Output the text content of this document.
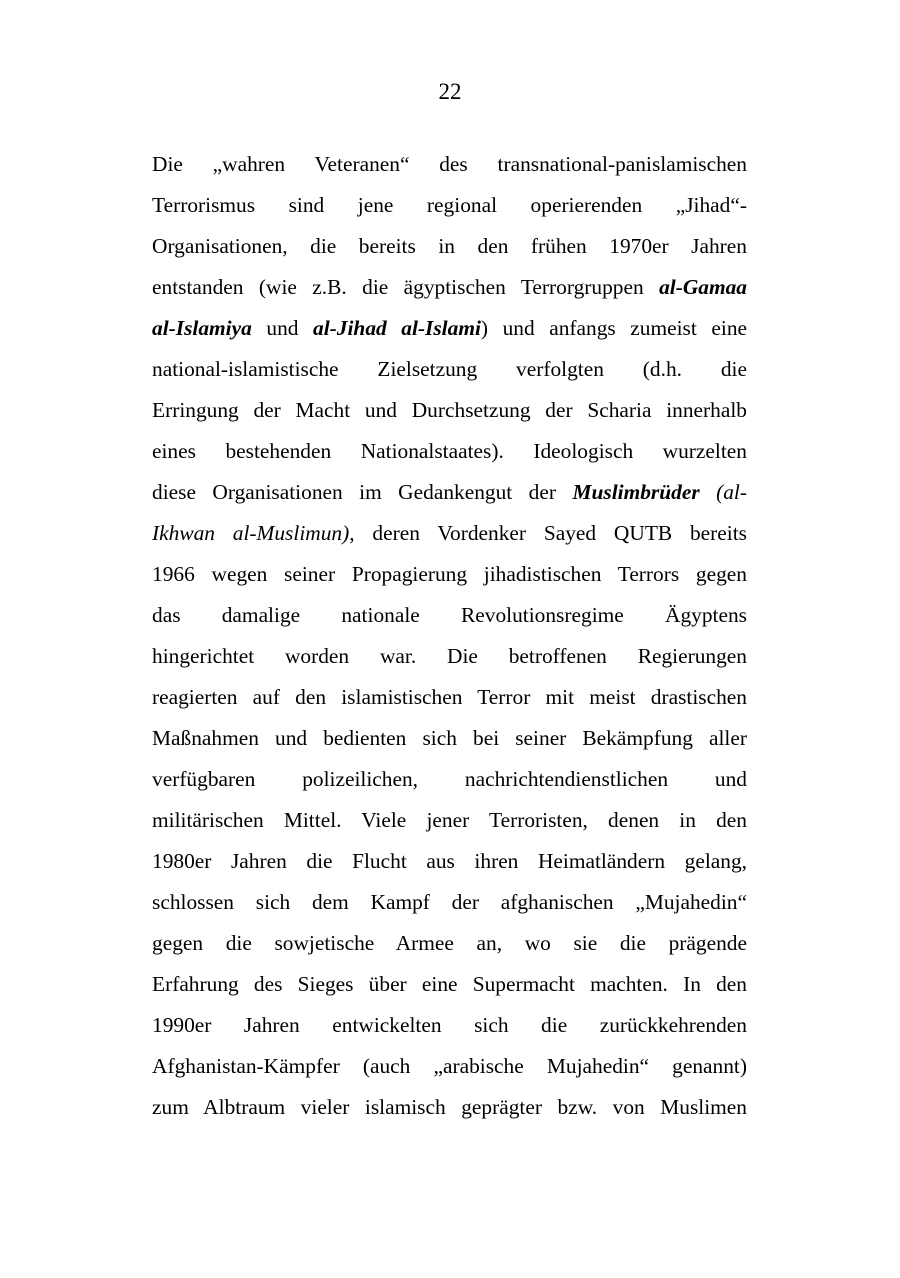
22
Die „wahren Veteranen“ des transnational-panislamischen
Terrorismus sind jene regional operierenden „Jihad“-
Organisationen, die bereits in den frühen 1970er Jahren
entstanden (wie z.B. die ägyptischen Terrorgruppen al-Gamaa
al-Islamiya und al-Jihad al-Islami) und anfangs zumeist eine
national-islamistische Zielsetzung verfolgten (d.h. die
Erringung der Macht und Durchsetzung der Scharia innerhalb
eines bestehenden Nationalstaates). Ideologisch wurzelten
diese Organisationen im Gedankengut der Muslimbrüder (al-
Ikhwan al-Muslimun), deren Vordenker Sayed QUTB bereits
1966 wegen seiner Propagierung jihadistischen Terrors gegen
das damalige nationale Revolutionsregime Ägyptens
hingerichtet worden war. Die betroffenen Regierungen
reagierten auf den islamistischen Terror mit meist drastischen
Maßnahmen und bedienten sich bei seiner Bekämpfung aller
verfügbaren polizeilichen, nachrichtendienstlichen und
militärischen Mittel. Viele jener Terroristen, denen in den
1980er Jahren die Flucht aus ihren Heimatländern gelang,
schlossen sich dem Kampf der afghanischen „Mujahedin“
gegen die sowjetische Armee an, wo sie die prägende
Erfahrung des Sieges über eine Supermacht machten. In den
1990er Jahren entwickelten sich die zurückkehrenden
Afghanistan-Kämpfer (auch „arabische Mujahedin“ genannt)
zum Albtraum vieler islamisch geprägter bzw. von Muslimen
